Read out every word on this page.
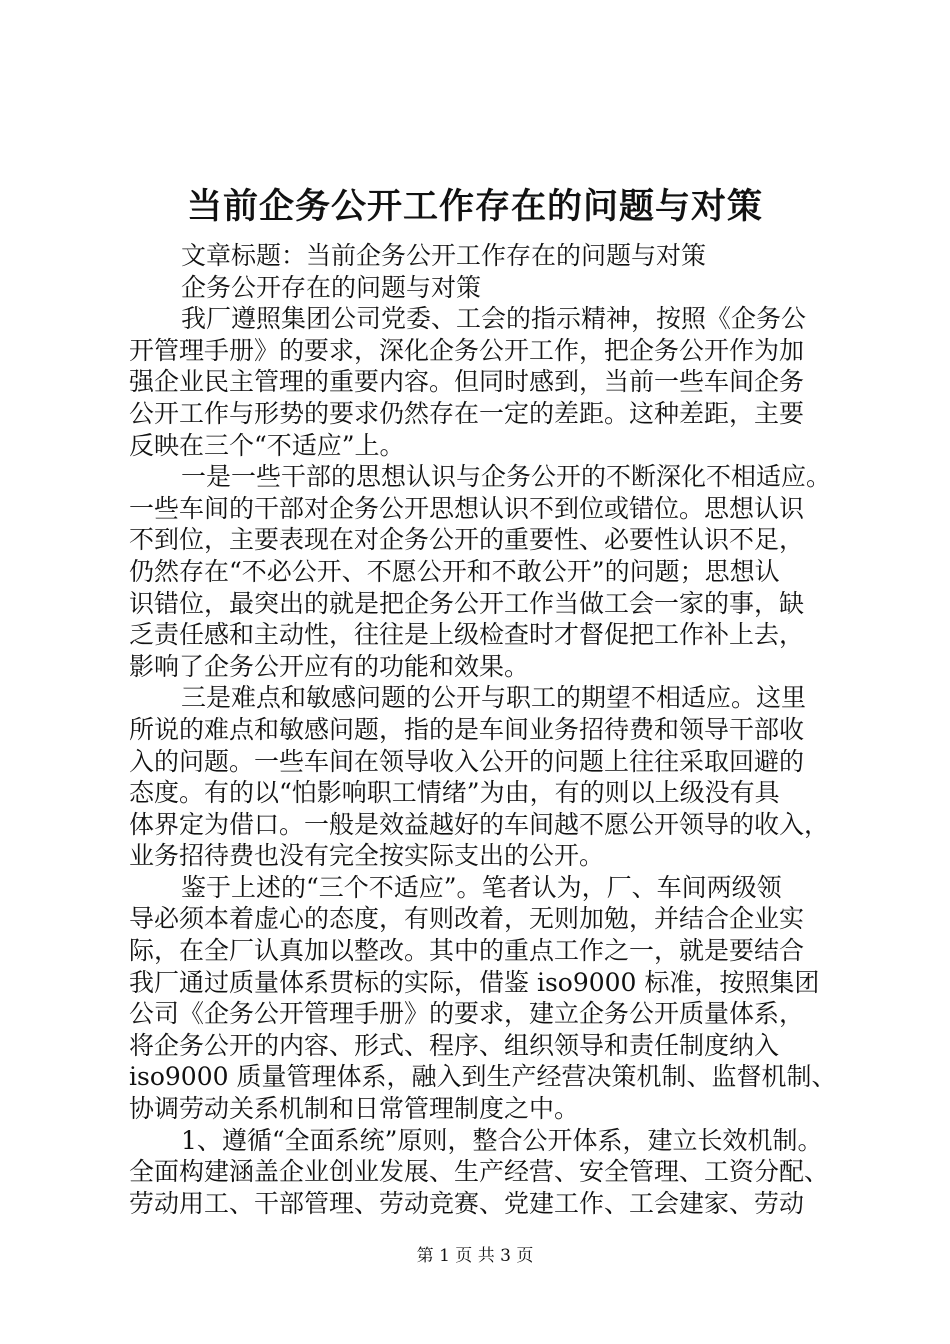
当前企务公开工作存在的问题与对策
文章标题：当前企务公开工作存在的问题与对策
企务公开存在的问题与对策
我厂遵照集团公司党委、工会的指示精神，按照《企务公
开管理手册》的要求，深化企务公开工作，把企务公开作为加
强企业民主管理的重要内容。但同时感到，当前一些车间企务
公开工作与形势的要求仍然存在一定的差距。这种差距，主要
反映在三个“不适应”上。
一是一些干部的思想认识与企务公开的不断深化不相适应。
一些车间的干部对企务公开思想认识不到位或错位。思想认识
不到位，主要表现在对企务公开的重要性、必要性认识不足，
仍然存在“不必公开、不愿公开和不敢公开”的问题；思想认
识错位，最突出的就是把企务公开工作当做工会一家的事，缺
乏责任感和主动性，往往是上级检查时才督促把工作补上去，
影响了企务公开应有的功能和效果。
三是难点和敏感问题的公开与职工的期望不相适应。这里
所说的难点和敏感问题，指的是车间业务招待费和领导干部收
入的问题。一些车间在领导收入公开的问题上往往采取回避的
态度。有的以“怕影响职工情绪”为由，有的则以上级没有具
体界定为借口。一般是效益越好的车间越不愿公开领导的收入，
业务招待费也没有完全按实际支出的公开。
鉴于上述的“三个不适应”。笔者认为，厂、车间两级领
导必须本着虚心的态度，有则改着，无则加勉，并结合企业实
际，在全厂认真加以整改。其中的重点工作之一，就是要结合
我厂通过质量体系贯标的实际，借鉴 iso9000 标准，按照集团
公司《企务公开管理手册》的要求，建立企务公开质量体系，
将企务公开的内容、形式、程序、组织领导和责任制度纳入
iso9000 质量管理体系，融入到生产经营决策机制、监督机制、
协调劳动关系机制和日常管理制度之中。
1、遵循“全面系统”原则，整合公开体系，建立长效机制。
全面构建涵盖企业创业发展、生产经营、安全管理、工资分配、
劳动用工、干部管理、劳动竞赛、党建工作、工会建家、劳动
第 1 页 共 3 页
